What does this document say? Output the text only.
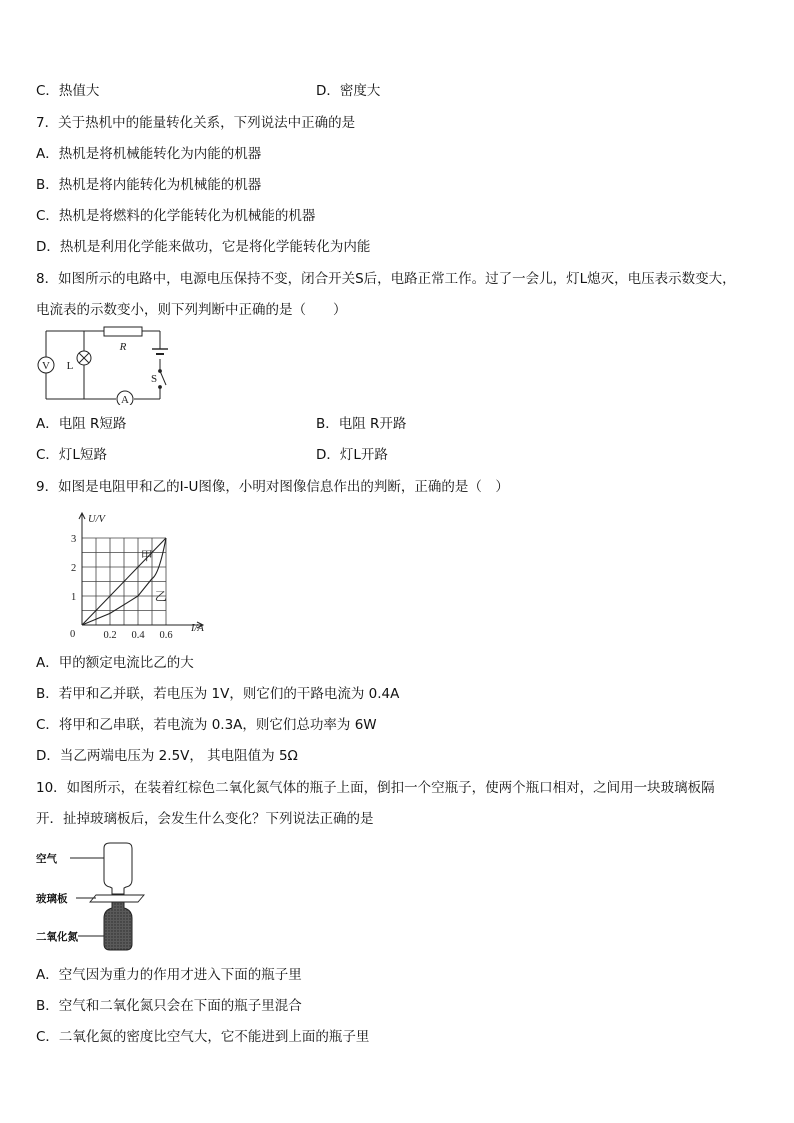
C．热值大	D．密度大
7．关于热机中的能量转化关系，下列说法中正确的是
A．热机是将机械能转化为内能的机器
B．热机是将内能转化为机械能的机器
C．热机是将燃料的化学能转化为机械能的机器
D．热机是利用化学能来做功，它是将化学能转化为内能
8．如图所示的电路中，电源电压保持不变，闭合开关S后，电路正常工作。过了一会儿，灯L熄灭，电压表示数变大，
电流表的示数变小，则下列判断中正确的是（　　）
V
A
L
R
S
A．电阻 R短路	B．电阻 R开路
C．灯L短路	D．灯L开路
9．如图是电阻甲和乙的I-U图像，小明对图像信息作出的判断，正确的是（　）
U/V
I/A
0
甲
乙
1
2
3
0.2 0.4 0.6
A．甲的额定电流比乙的大
B．若甲和乙并联，若电压为 1V，则它们的干路电流为 0.4A
C．将甲和乙串联，若电流为 0.3A，则它们总功率为 6W
D．当乙两端电压为 2.5V， 其电阻值为 5Ω
10．如图所示，在装着红棕色二氧化氮气体的瓶子上面，倒扣一个空瓶子，使两个瓶口相对，之间用一块玻璃板隔
开．扯掉玻璃板后，会发生什么变化？下列说法正确的是
空气
玻璃板
二氧化氮
A．空气因为重力的作用才进入下面的瓶子里
B．空气和二氧化氮只会在下面的瓶子里混合
C．二氧化氮的密度比空气大，它不能进到上面的瓶子里
